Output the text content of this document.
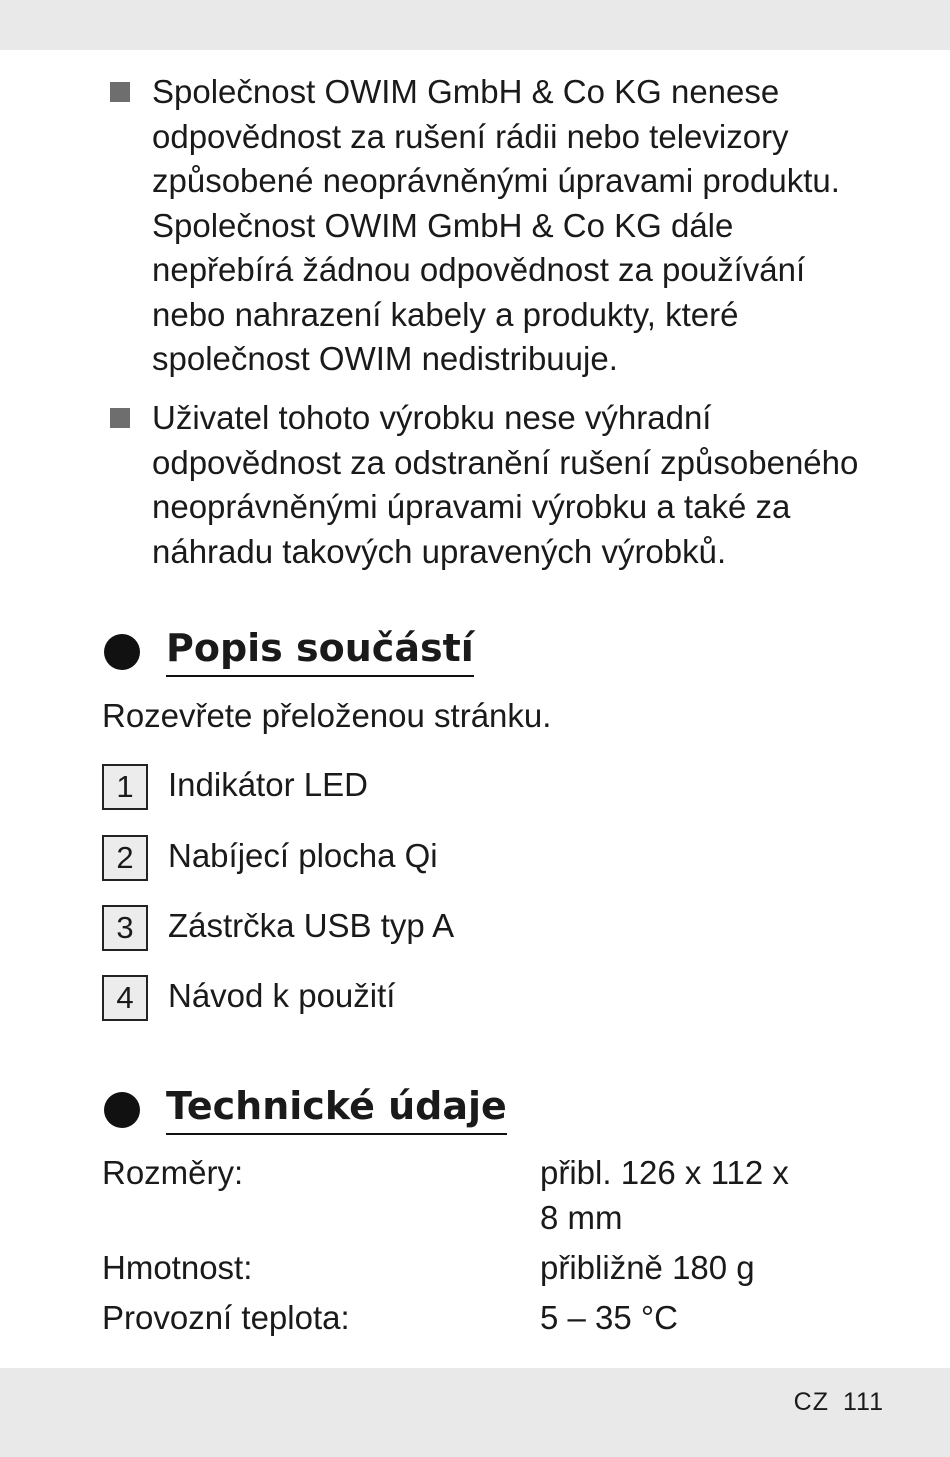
Společnost OWIM GmbH & Co KG nenese
odpovědnost za rušení rádii nebo televizory
způsobené neoprávněnými úpravami produktu.
Společnost OWIM GmbH & Co KG dále
nepřebírá žádnou odpovědnost za používání
nebo nahrazení kabely a produkty, které
společnost OWIM nedistribuuje.
Uživatel tohoto výrobku nese výhradní
odpovědnost za odstranění rušení způsobeného
neoprávněnými úpravami výrobku a také za
náhradu takových upravených výrobků.
Popis součástí
Rozevřete přeloženou stránku.
1	Indikátor LED
2	Nabíjecí plocha Qi
3	Zástrčka USB typ A
4	Návod k použití
Technické údaje
Rozměry:	přibl. 126 x 112 x
8 mm
Hmotnost:	přibližně 180 g
Provozní teplota:	5 – 35 °C
CZ 111
